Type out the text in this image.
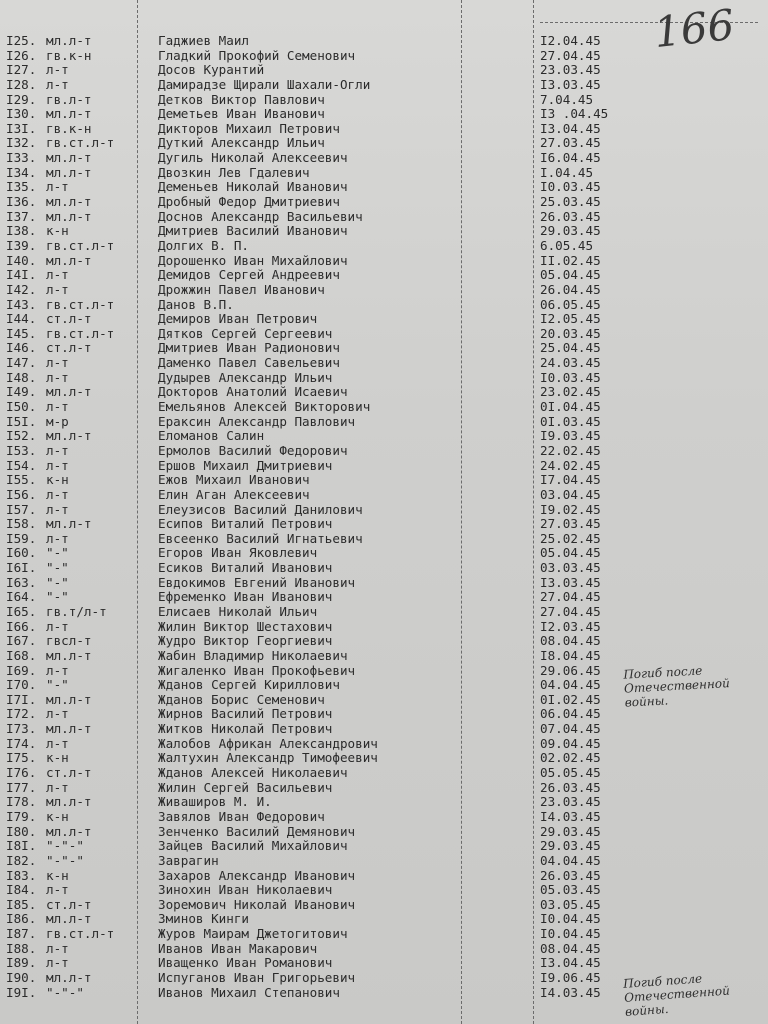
166
I25. мл.л-т	Гаджиев Маил	I2.04.45
I26. гв.к-н	Гладкий Прокофий Семенович	27.04.45
I27. л-т	Досов Курантий	23.03.45
I28. л-т	Дамирадзе Щирали Шахали-Огли	I3.03.45
I29. гв.л-т	Детков Виктор Павлович	7.04.45
I30. мл.л-т	Деметьев Иван Иванович	I3 .04.45
I3I. гв.к-н	Дикторов Михаил Петрович	I3.04.45
I32. гв.ст.л-т	Дуткий Александр Ильич	27.03.45
I33. мл.л-т	Дугиль Николай Алексеевич	I6.04.45
I34. мл.л-т	Двозкин Лев Гдалевич	I.04.45
I35. л-т	Деменьев Николай Иванович	I0.03.45
I36. мл.л-т	Дробный Федор Дмитриевич	25.03.45
I37. мл.л-т	Доснов Александр Васильевич	26.03.45
I38. к-н	Дмитриев Василий Иванович	29.03.45
I39. гв.ст.л-т	Долгих В. П.	6.05.45
I40. мл.л-т	Дорошенко Иван Михайлович	II.02.45
I4I. л-т	Демидов Сергей Андреевич	05.04.45
I42. л-т	Дрожжин Павел Иванович	26.04.45
I43. гв.ст.л-т	Данов В.П.	06.05.45
I44. ст.л-т	Демиров Иван Петрович	I2.05.45
I45. гв.ст.л-т	Дятков Сергей Сергеевич	20.03.45
I46. ст.л-т	Дмитриев Иван Радионович	25.04.45
I47. л-т	Даменко Павел Савельевич	24.03.45
I48. л-т	Дудырев Александр Ильич	I0.03.45
I49. мл.л-т	Докторов Анатолий Исаевич	23.02.45
I50. л-т	Емельянов Алексей Викторович	0I.04.45
I5I. м-р	Ераксин Александр Павлович	0I.03.45
I52. мл.л-т	Еломанов Салин	I9.03.45
I53. л-т	Ермолов Василий Федорович	22.02.45
I54. л-т	Ершов Михаил Дмитриевич	24.02.45
I55. к-н	Ежов Михаил Иванович	I7.04.45
I56. л-т	Елин Аган Алексеевич	03.04.45
I57. л-т	Елеузисов Василий Данилович	I9.02.45
I58. мл.л-т	Есипов Виталий Петрович	27.03.45
I59. л-т	Евсеенко Василий Игнатьевич	25.02.45
I60. "-"	Егоров Иван Яковлевич	05.04.45
I6I. "-"	Есиков Виталий Иванович	03.03.45
I63. "-"	Евдокимов Евгений Иванович	I3.03.45
I64. "-"	Ефременко Иван Иванович	27.04.45
I65. гв.т/л-т	Елисаев Николай Ильич	27.04.45
I66. л-т	Жилин Виктор Шестахович	I2.03.45
I67. гвсл-т	Жудро Виктор Георгиевич	08.04.45
I68. мл.л-т	Жабин Владимир Николаевич	I8.04.45
I69. л-т	Жигаленко Иван Прокофьевич	29.06.45
I70. "-"	Жданов Сергей Кириллович	04.04.45
I7I. мл.л-т	Жданов Борис Семенович	0I.02.45
I72. л-т	Жирнов Василий Петрович	06.04.45
I73. мл.л-т	Житков Николай Петрович	07.04.45
I74. л-т	Жалобов Африкан Александрович	09.04.45
I75. к-н	Жалтухин Александр Тимофеевич	02.02.45
I76. ст.л-т	Жданов Алексей Николаевич	05.05.45
I77. л-т	Жилин Сергей Васильевич	26.03.45
I78. мл.л-т	Живаширов М. И.	23.03.45
I79. к-н	Завялов Иван Федорович	I4.03.45
I80. мл.л-т	Зенченко Василий Демянович	29.03.45
I8I. "-"-"	Зайцев Василий Михайлович	29.03.45
I82. "-"-"	Заврагин	04.04.45
I83. к-н	Захаров Александр Иванович	26.03.45
I84. л-т	Зинохин Иван Николаевич	05.03.45
I85. ст.л-т	Зоремович Николай Иванович	03.05.45
I86. мл.л-т	Зминов Кинги	I0.04.45
I87. гв.ст.л-т	Журов Маирам Джетогитович	I0.04.45
I88. л-т	Иванов Иван Макарович	08.04.45
I89. л-т	Иващенко Иван Романович	I3.04.45
I90. мл.л-т	Испуганов Иван Григорьевич	I9.06.45
I9I. "-"-"	Иванов Михаил Степанович	I4.03.45
Погиб после Отечественной войны.
Погиб после Отечественной войны.
